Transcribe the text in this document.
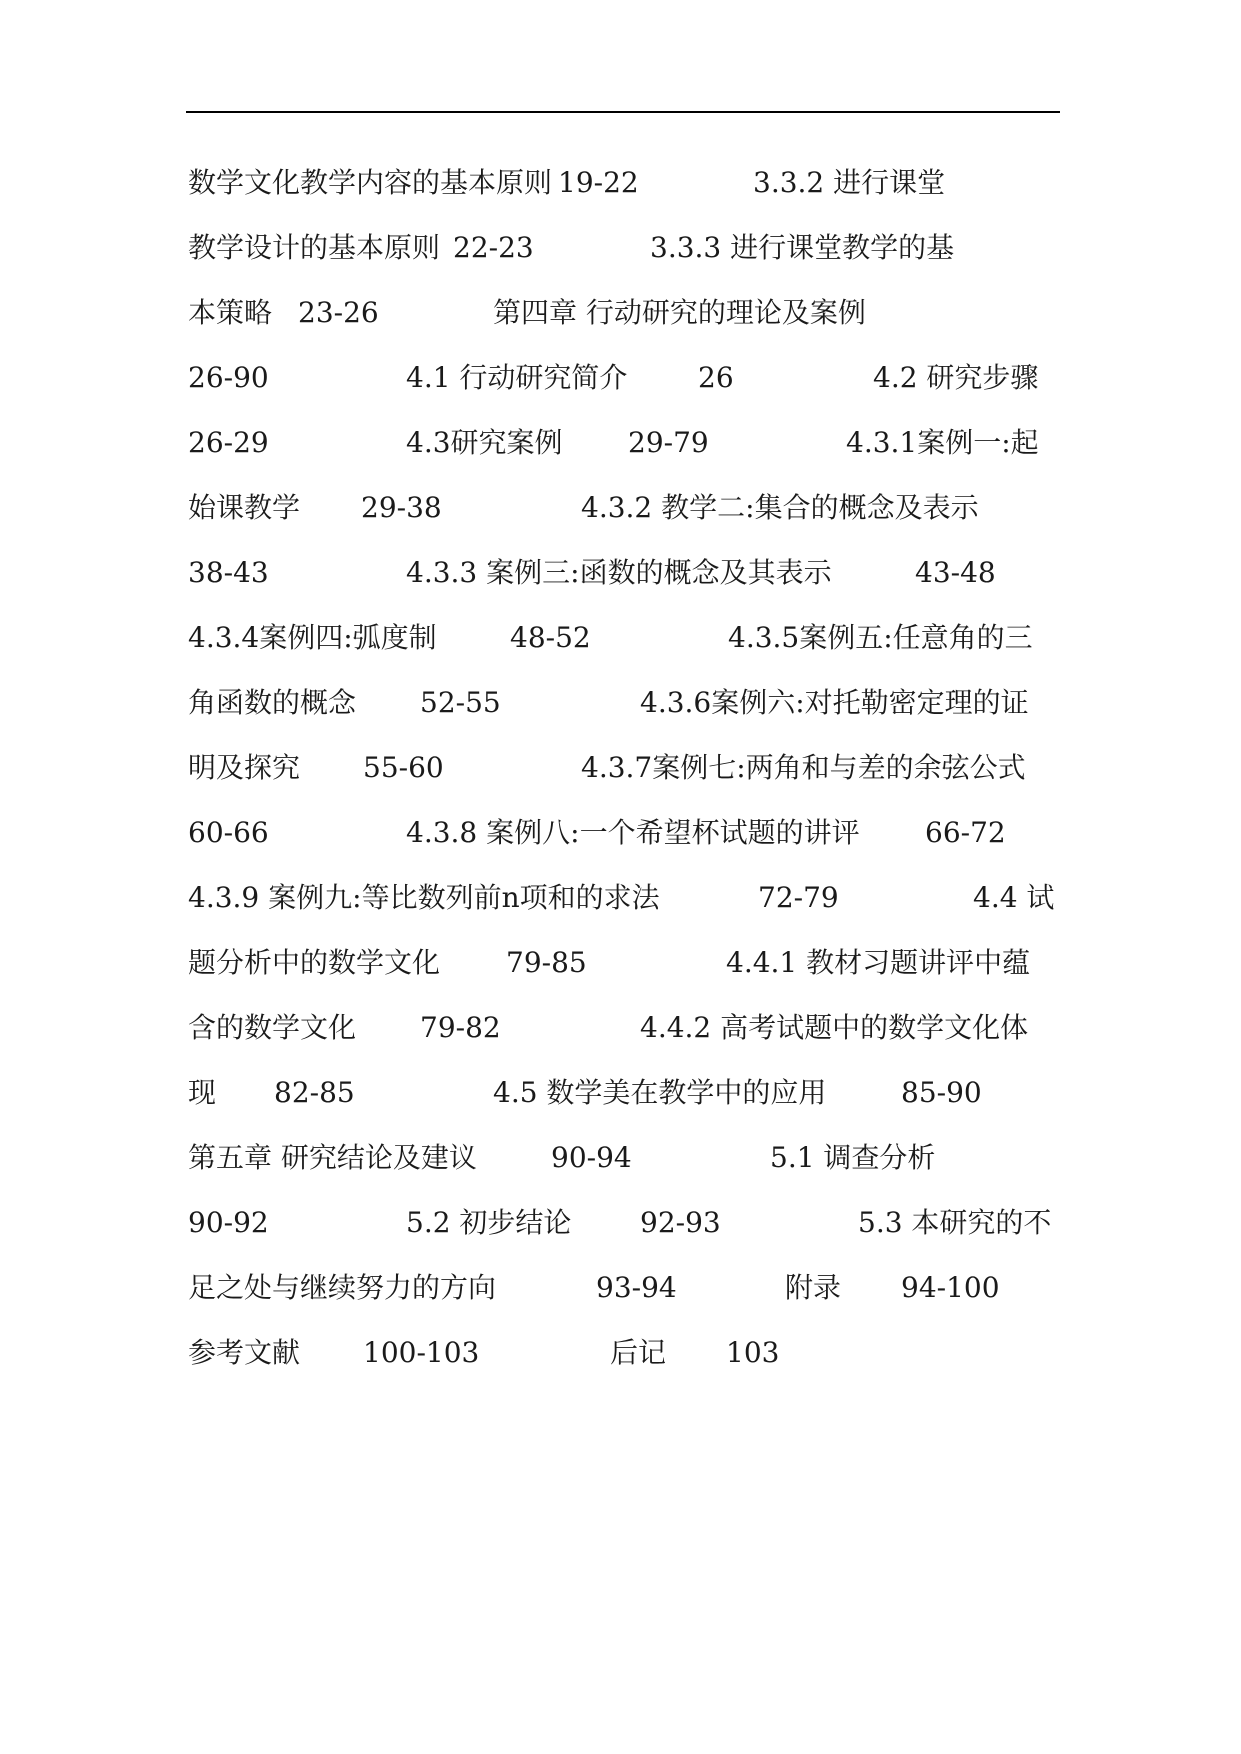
数学文化教学内容的基本原则 19-22	3.3.2 进行课堂
教学设计的基本原则 22-23	3.3.3 进行课堂教学的基
本策略 23-26	第四章 行动研究的理论及案例
26-90	4.1 行动研究简介	26	4.2 研究步骤
26-29	4.3研究案例 29-79	4.3.1案例一:起
始课教学 29-38	4.3.2 教学二:集合的概念及表示
38-43	4.3.3 案例三:函数的概念及其表示	43-48
4.3.4案例四:弧度制	48-52	4.3.5案例五:任意角的三
角函数的概念 52-55	4.3.6案例六:对托勒密定理的证
明及探究 55-60	4.3.7案例七:两角和与差的余弦公式
60-66	4.3.8 案例八:一个希望杯试题的讲评 66-72
4.3.9 案例九:等比数列前n项和的求法	72-79	4.4 试
题分析中的数学文化 79-85	4.4.1 教材习题讲评中蕴
含的数学文化 79-82	4.4.2 高考试题中的数学文化体
现 82-85	4.5 数学美在教学中的应用	85-90
第五章 研究结论及建议	90-94	5.1 调查分析
90-92	5.2 初步结论 92-93	5.3 本研究的不
足之处与继续努力的方向	93-94	附录 94-100
参考文献 100-103	后记 103
